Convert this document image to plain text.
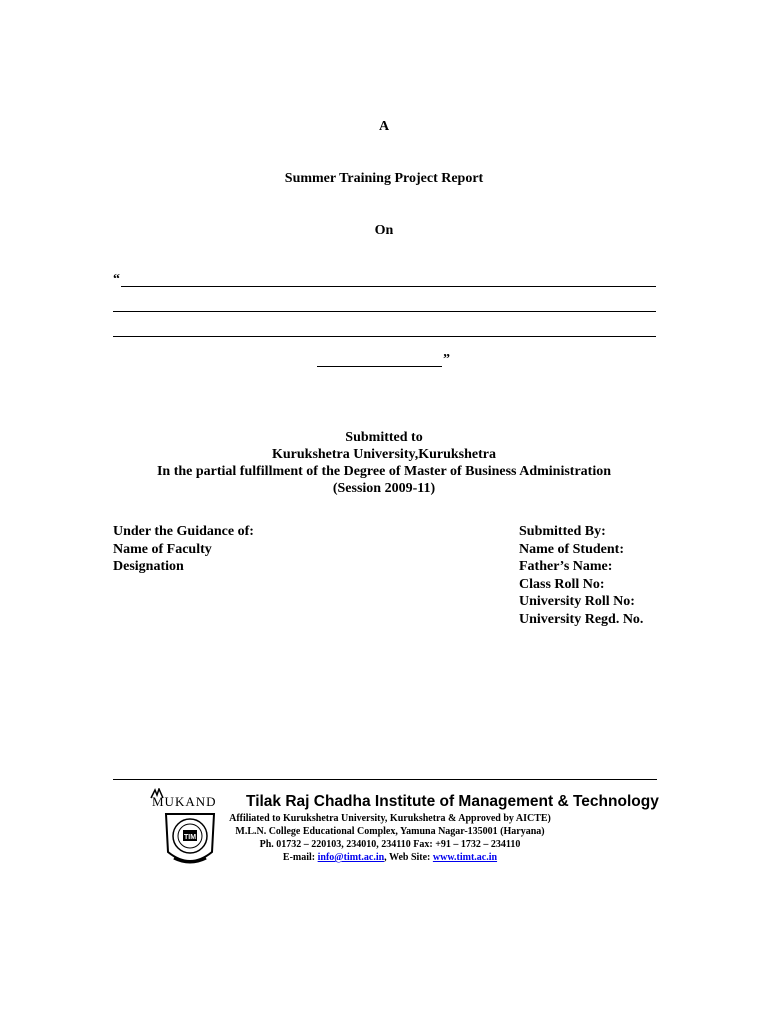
A
Summer Training Project Report
On
“
”
Submitted to
Kurukshetra University,Kurukshetra
In the partial fulfillment of the Degree of Master of Business Administration
(Session 2009-11)
Under the Guidance of:
Name of Faculty
Designation
Submitted By:
Name of Student:
Father’s Name:
Class Roll No:
University Roll No:
University Regd. No.
MUKAND Tilak Raj Chadha Institute of Management & Technology
TIM
Affiliated to Kurukshetra University, Kurukshetra & Approved by AICTE)
M.L.N. College Educational Complex, Yamuna Nagar-135001 (Haryana)
Ph. 01732 – 220103, 234010, 234110 Fax: +91 – 1732 – 234110
E-mail: info@timt.ac.in, Web Site: www.timt.ac.in
